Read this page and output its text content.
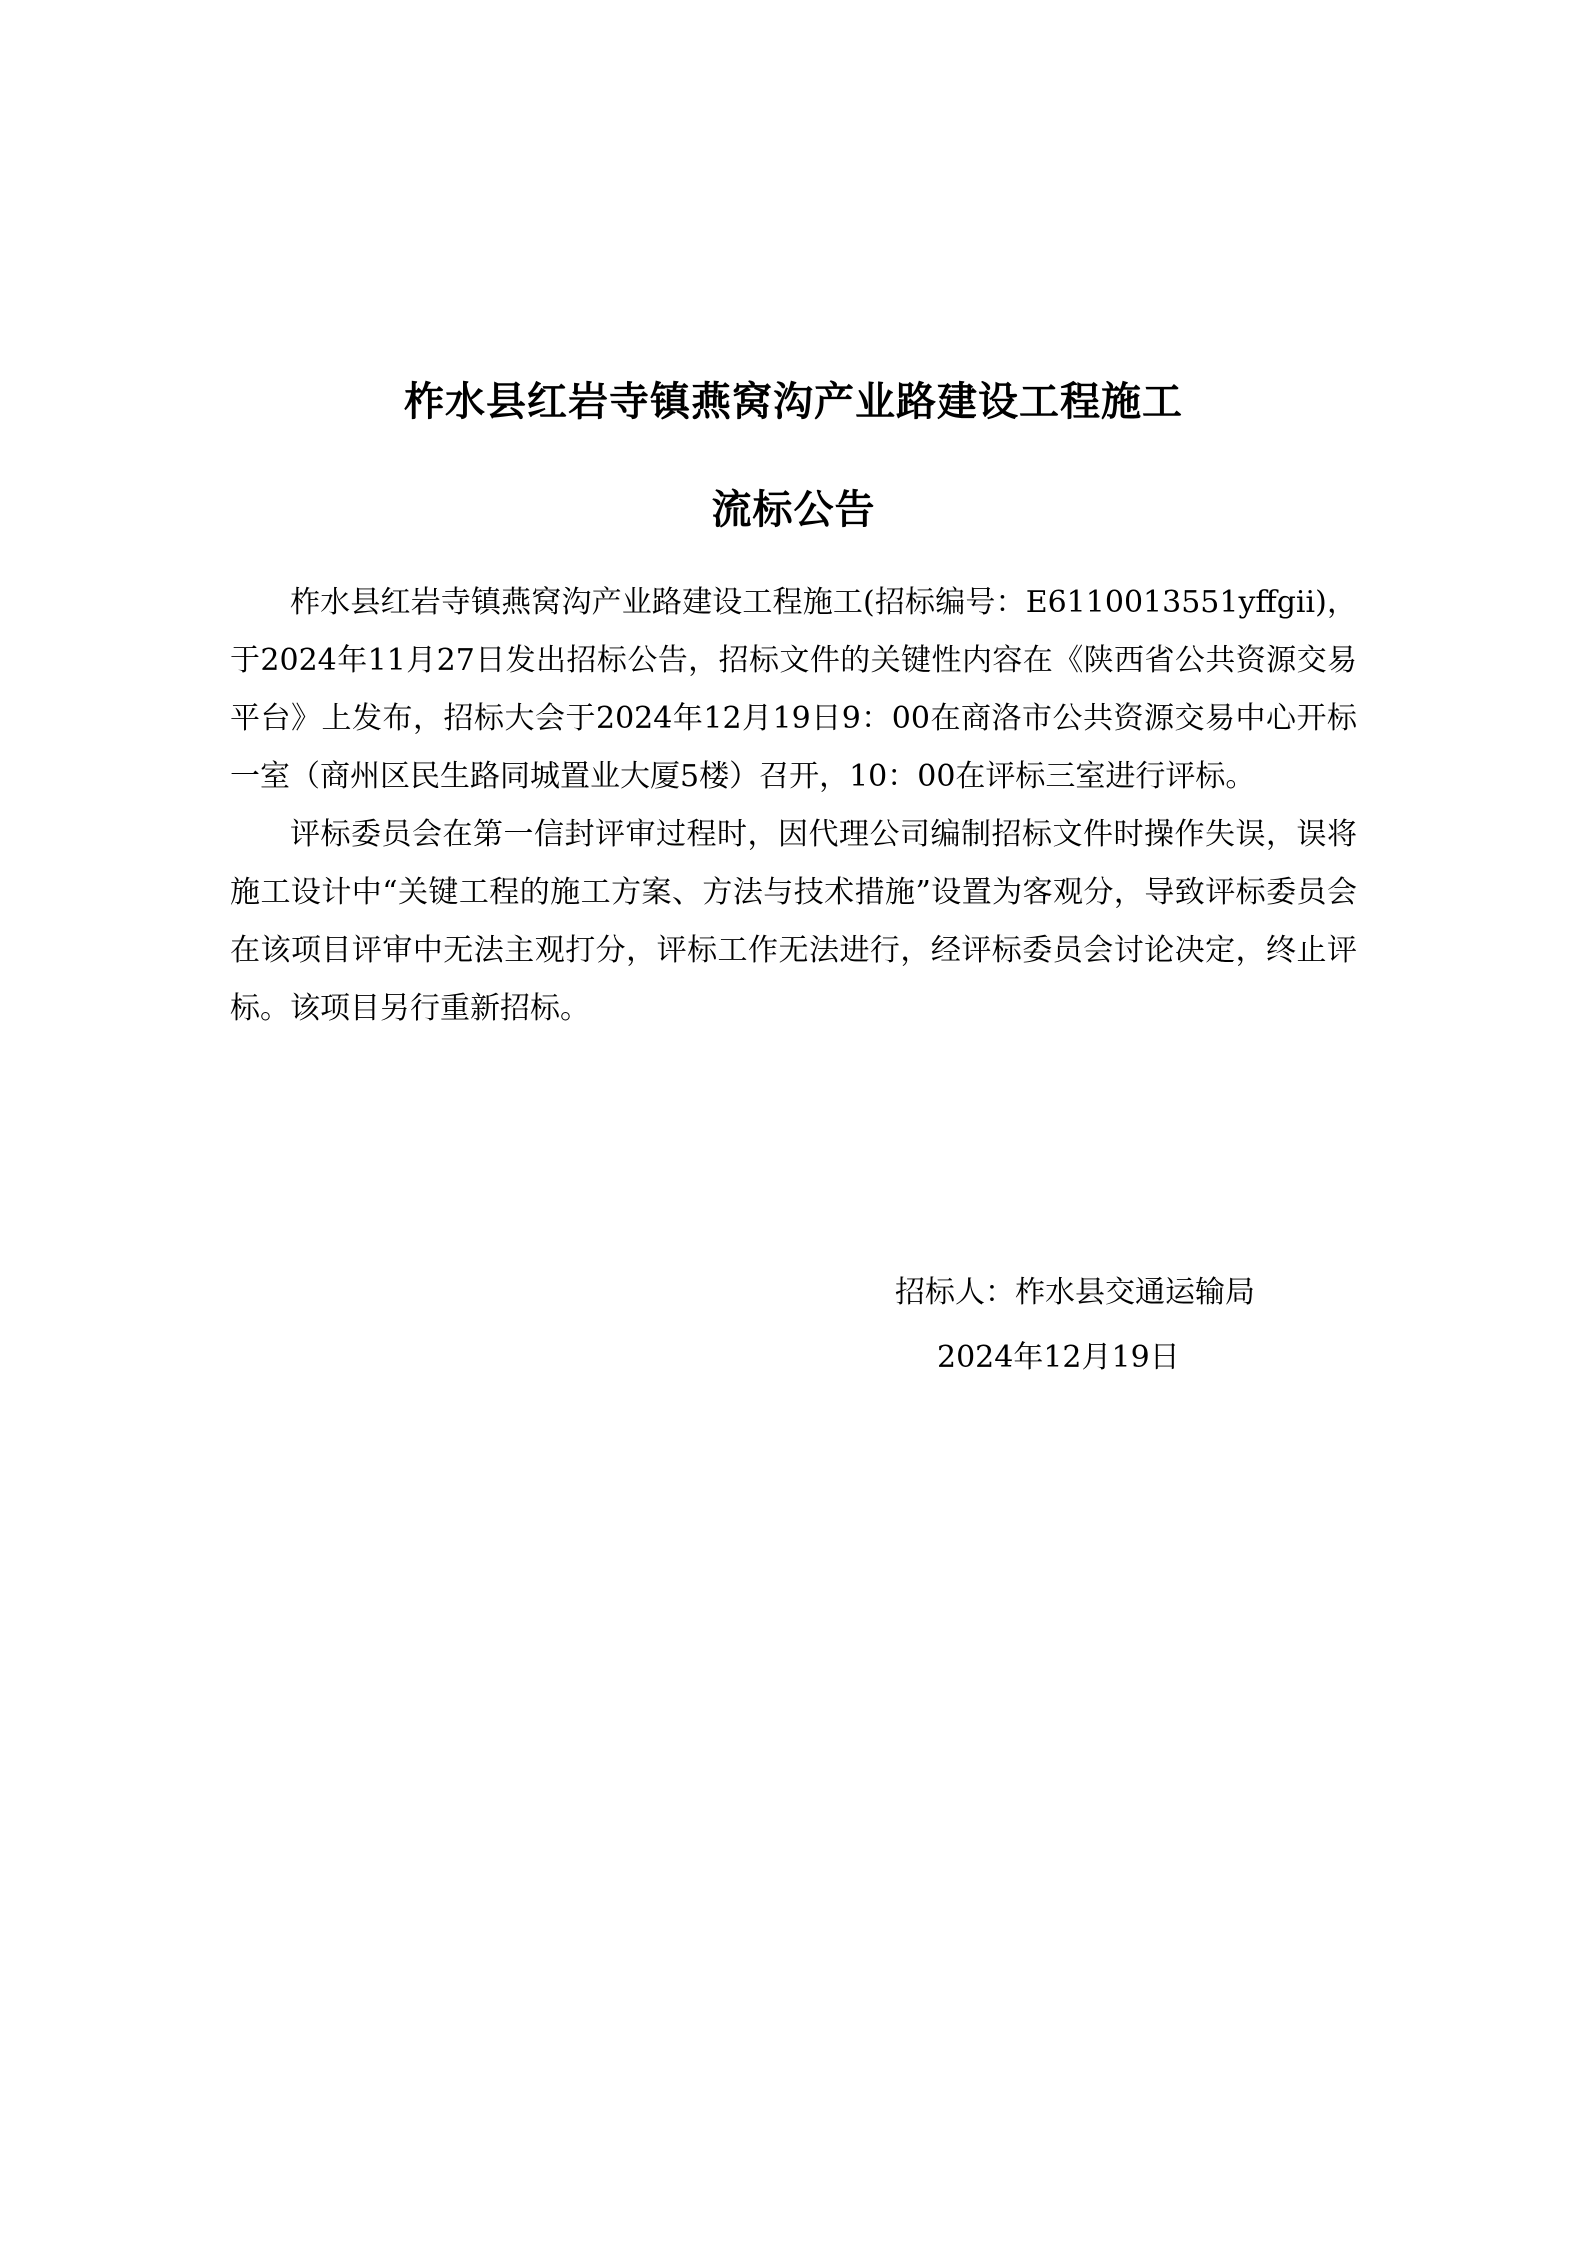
柞水县红岩寺镇燕窝沟产业路建设工程施工
流标公告

柞水县红岩寺镇燕窝沟产业路建设工程施工(招标编号：E6110013551yffgii)，于2024年11月27日发出招标公告，招标文件的关键性内容在《陕西省公共资源交易平台》上发布，招标大会于2024年12月19日9：00在商洛市公共资源交易中心开标一室（商州区民生路同城置业大厦5楼）召开，10：00在评标三室进行评标。

评标委员会在第一信封评审过程时，因代理公司编制招标文件时操作失误，误将施工设计中“关键工程的施工方案、方法与技术措施”设置为客观分，导致评标委员会在该项目评审中无法主观打分，评标工作无法进行，经评标委员会讨论决定，终止评标。该项目另行重新招标。

招标人：柞水县交通运输局
2024年12月19日
